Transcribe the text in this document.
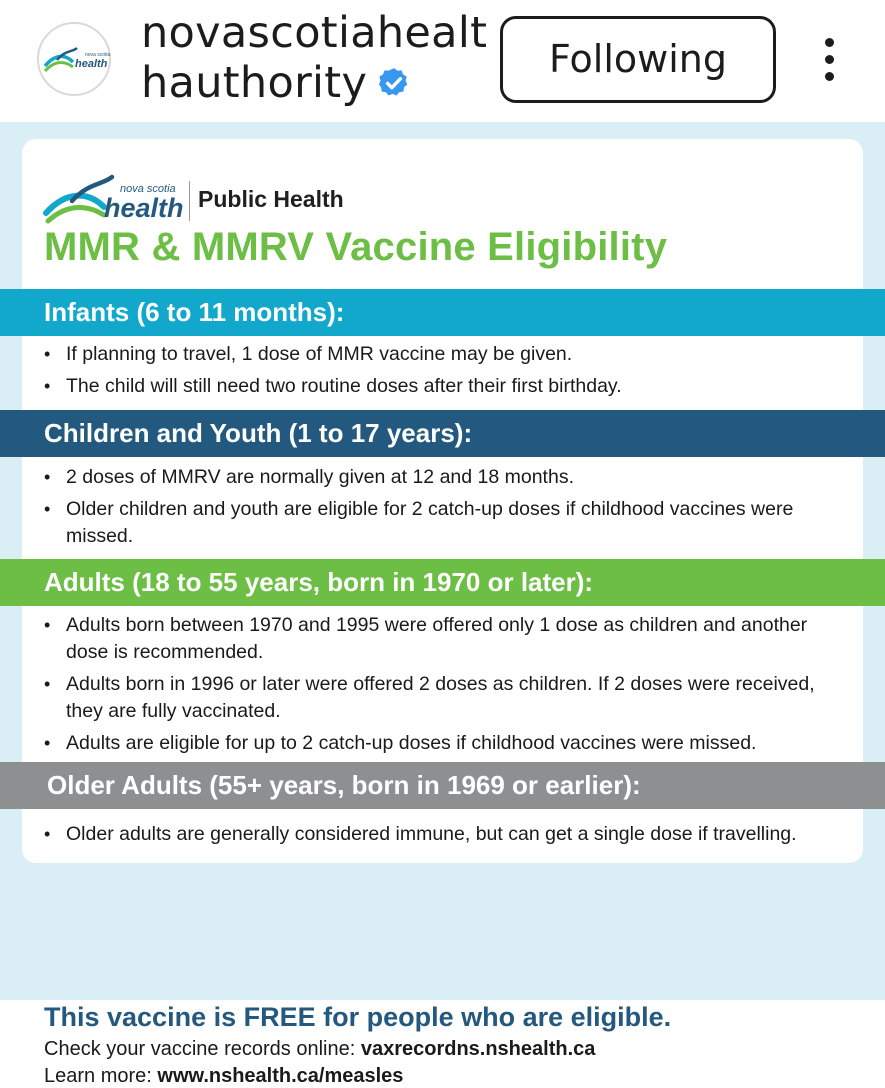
nova scotia
health
novascotiahealt
hauthority	Following
nova scotia
health Public Health
MMR & MMRV Vaccine Eligibility
This vaccine is FREE for people who are eligible.
Check your vaccine records online: vaxrecordns.nshealth.ca
Learn more: www.nshealth.ca/measles
Infants (6 to 11 months):
• If planning to travel, 1 dose of MMR vaccine may be given.
• The child will still need two routine doses after their first birthday.
Children and Youth (1 to 17 years):
• 2 doses of MMRV are normally given at 12 and 18 months.
• Older children and youth are eligible for 2 catch-up doses if childhood vaccines were missed.
Adults (18 to 55 years, born in 1970 or later):
• Adults born between 1970 and 1995 were offered only 1 dose as children and another dose is recommended.
• Adults born in 1996 or later were offered 2 doses as children. If 2 doses were received, they are fully vaccinated.
• Adults are eligible for up to 2 catch-up doses if childhood vaccines were missed.
Older Adults (55+ years, born in 1969 or earlier):
• Older adults are generally considered immune, but can get a single dose if travelling.
